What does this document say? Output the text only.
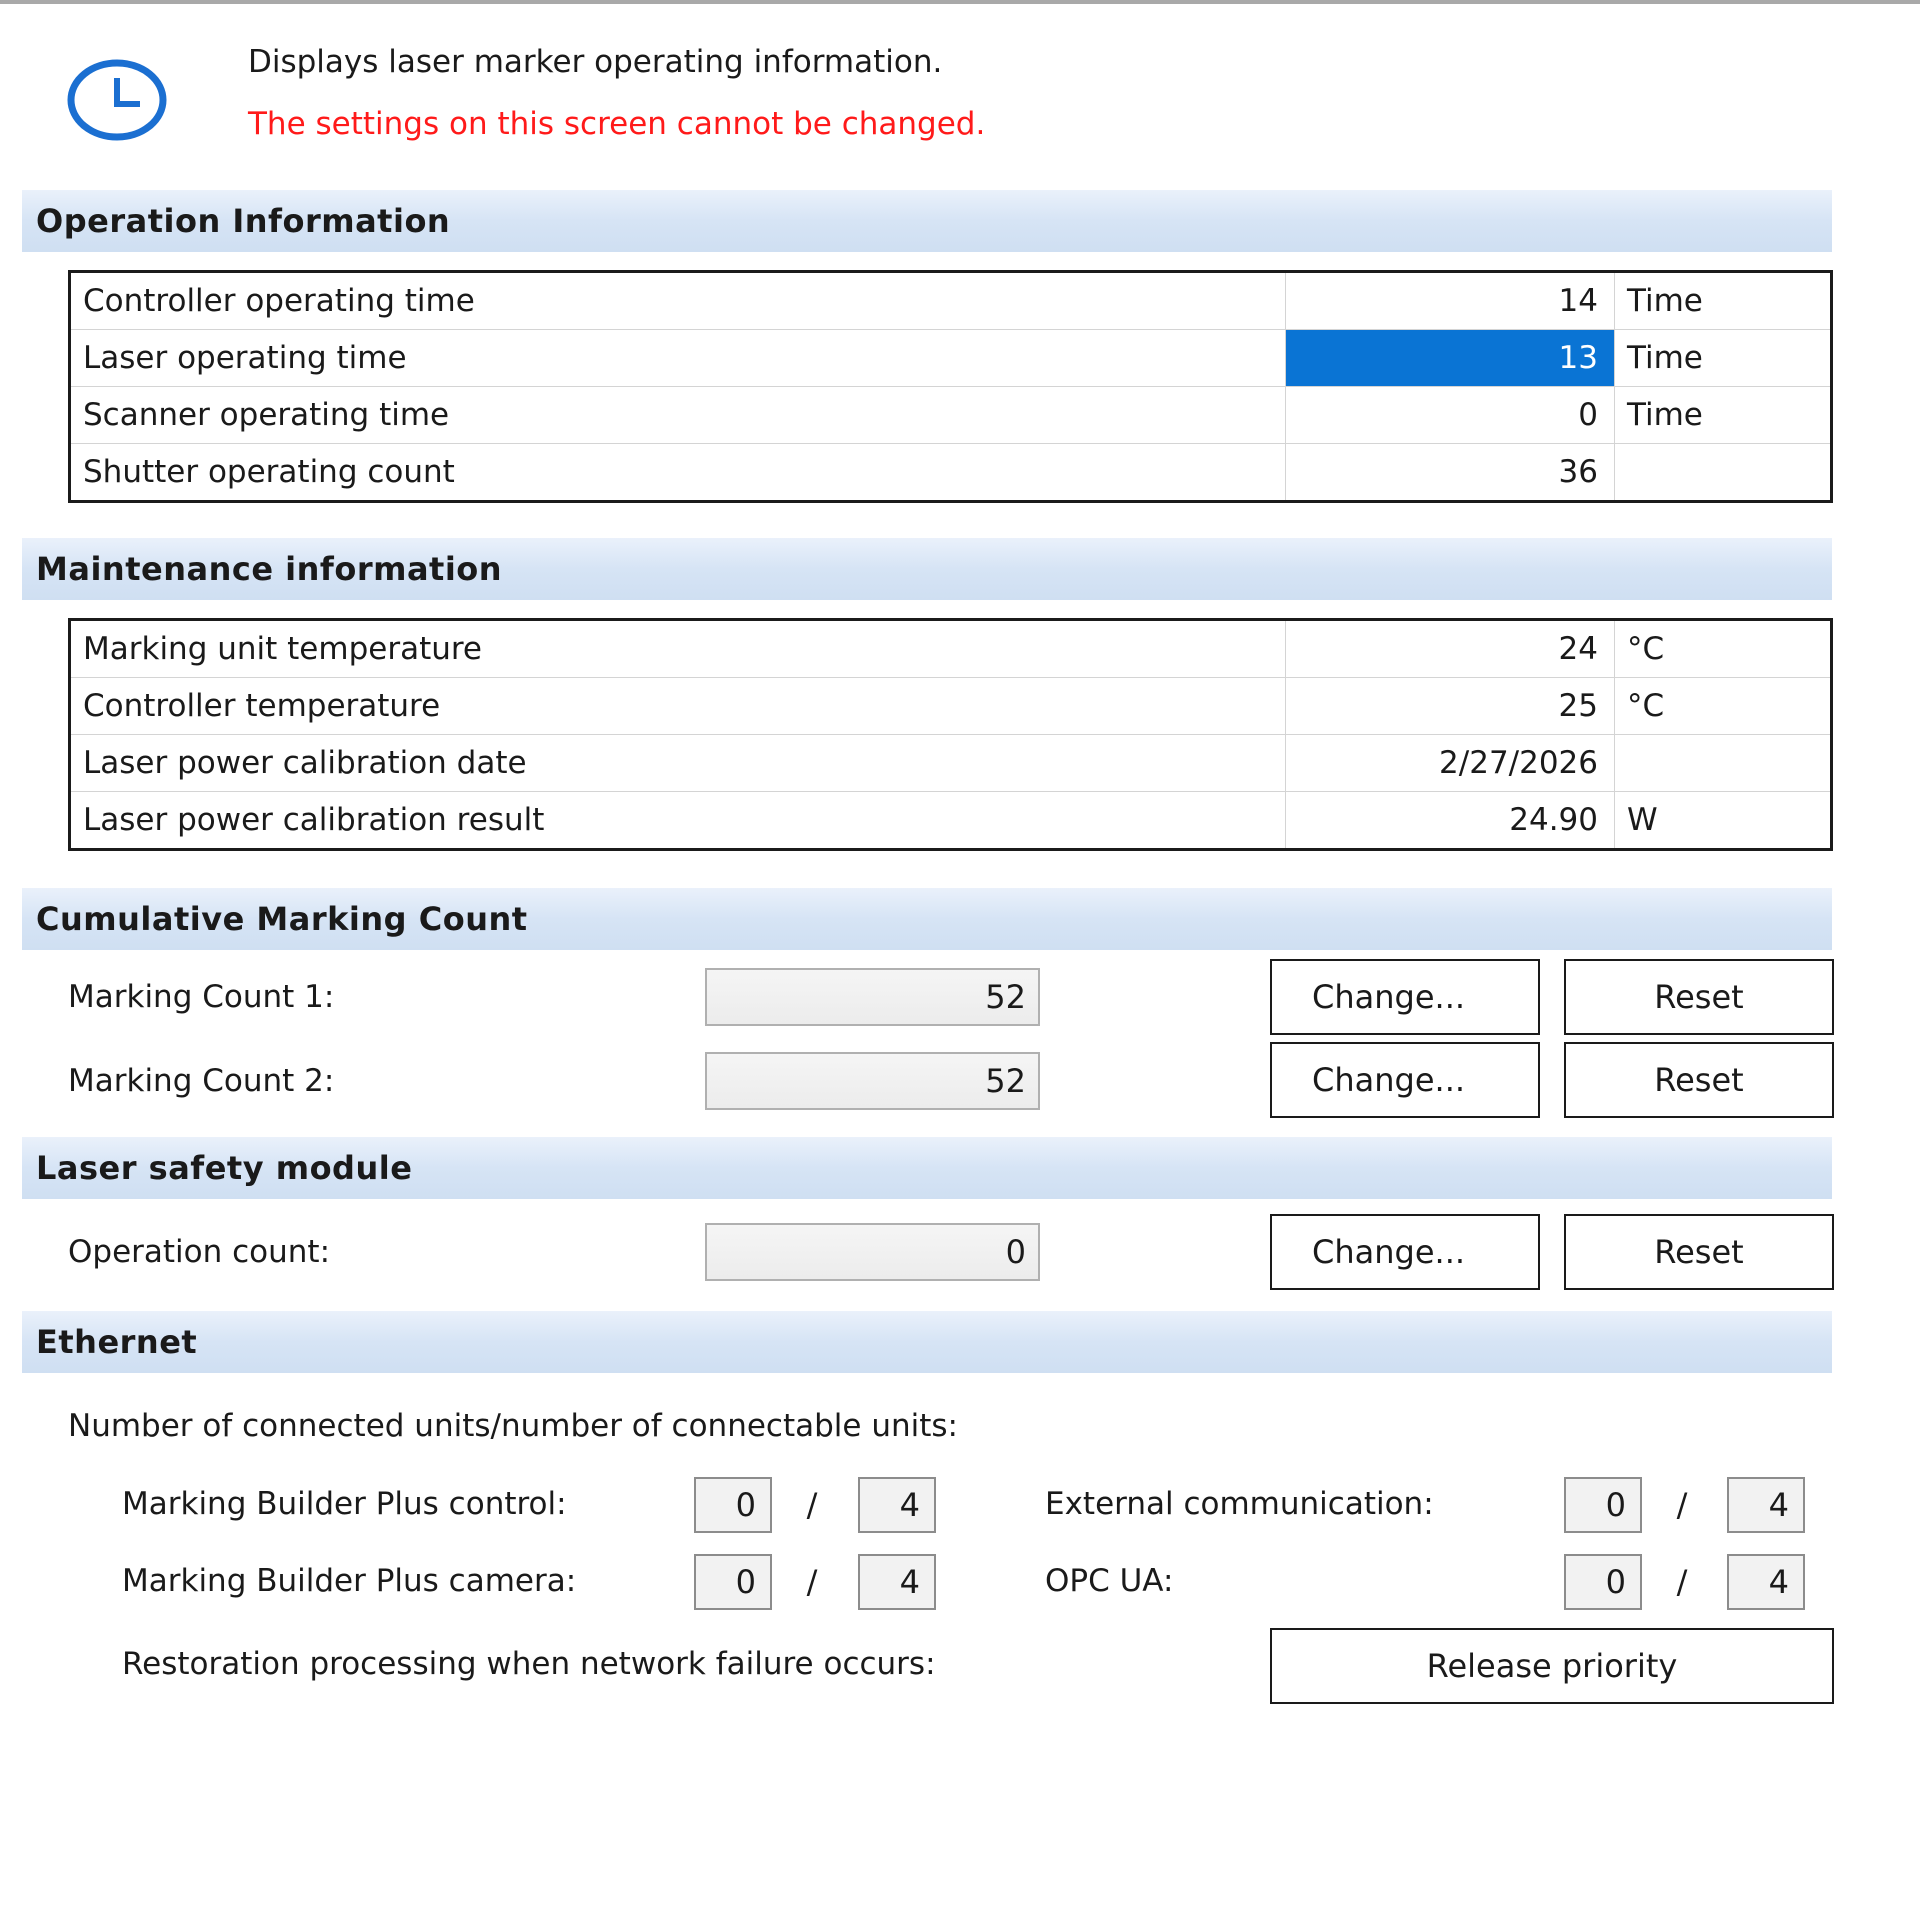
Displays laser marker operating information.
The settings on this screen cannot be changed.
Operation Information
Controller operating time	14	Time
Laser operating time	13	Time
Scanner operating time	0	Time
Shutter operating count	36	
Maintenance information
Marking unit temperature	24	°C
Controller temperature	25	°C
Laser power calibration date	2/27/2026	
Laser power calibration result	24.90	W
Cumulative Marking Count
Marking Count 1:	52	Change...	Reset
Marking Count 2:	52	Change...	Reset
Laser safety module
Operation count:	0	Change...	Reset
Ethernet
Number of connected units/number of connectable units:
Marking Builder Plus control:	0	/	4	External communication:	0	/	4
Marking Builder Plus camera:	0	/	4	OPC UA:	0	/	4
Restoration processing when network failure occurs:	Release priority
